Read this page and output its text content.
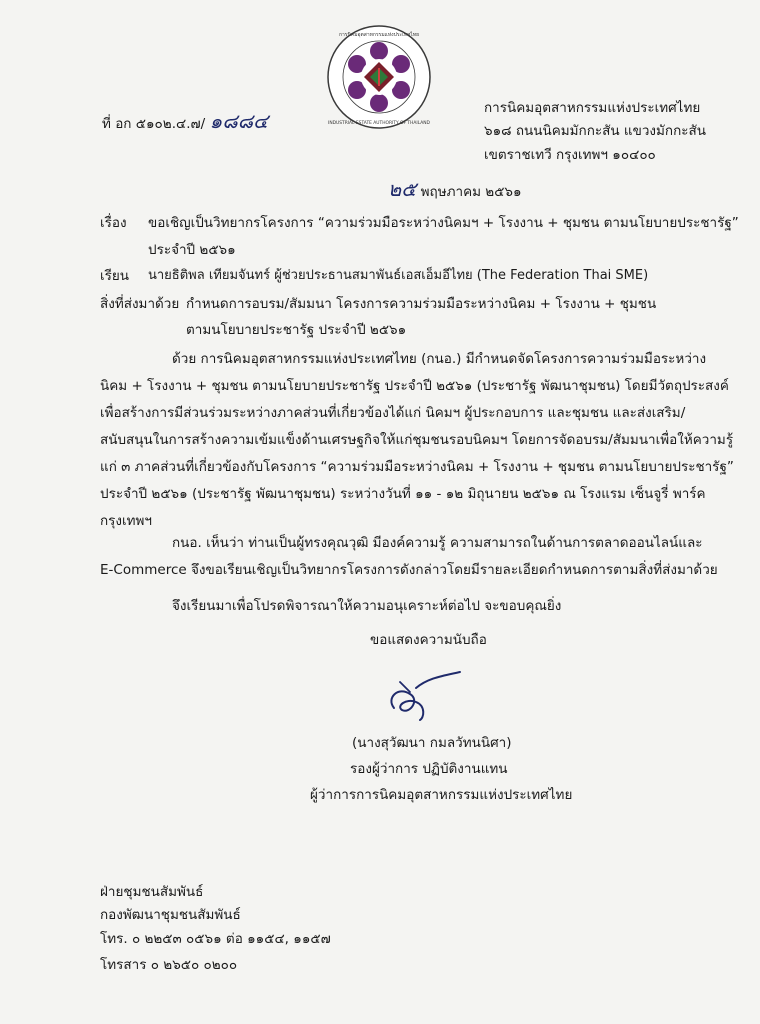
การนิคมอุตสาหกรรมแห่งประเทศไทย
INDUSTRIAL ESTATE AUTHORITY OF THAILAND
ที่ อก ๕๑๐๒.๔.๗/ ๑๘๘๔
การนิคมอุตสาหกรรมแห่งประเทศไทย
๖๑๘ ถนนนิคมมักกะสัน แขวงมักกะสัน
เขตราชเทวี กรุงเทพฯ ๑๐๔๐๐
๒๕ พฤษภาคม ๒๕๖๑
เรื่อง ขอเชิญเป็นวิทยากรโครงการ “ความร่วมมือระหว่างนิคมฯ + โรงงาน + ชุมชน ตามนโยบายประชารัฐ”
ประจำปี ๒๕๖๑
เรียน นายธิติพล เทียมจันทร์ ผู้ช่วยประธานสมาพันธ์เอสเอ็มอีไทย (The Federation Thai SME)
สิ่งที่ส่งมาด้วย กำหนดการอบรม/สัมมนา โครงการความร่วมมือระหว่างนิคม + โรงงาน + ชุมชน
ตามนโยบายประชารัฐ ประจำปี ๒๕๖๑
ด้วย การนิคมอุตสาหกรรมแห่งประเทศไทย (กนอ.) มีกำหนดจัดโครงการความร่วมมือระหว่าง
นิคม + โรงงาน + ชุมชน ตามนโยบายประชารัฐ ประจำปี ๒๕๖๑ (ประชารัฐ พัฒนาชุมชน) โดยมีวัตถุประสงค์
เพื่อสร้างการมีส่วนร่วมระหว่างภาคส่วนที่เกี่ยวข้องได้แก่ นิคมฯ ผู้ประกอบการ และชุมชน และส่งเสริม/
สนับสนุนในการสร้างความเข้มแข็งด้านเศรษฐกิจให้แก่ชุมชนรอบนิคมฯ โดยการจัดอบรม/สัมมนาเพื่อให้ความรู้
แก่ ๓ ภาคส่วนที่เกี่ยวข้องกับโครงการ “ความร่วมมือระหว่างนิคม + โรงงาน + ชุมชน ตามนโยบายประชารัฐ”
ประจำปี ๒๕๖๑ (ประชารัฐ พัฒนาชุมชน) ระหว่างวันที่ ๑๑ - ๑๒ มิถุนายน ๒๕๖๑ ณ โรงแรม เซ็นจูรี่ พาร์ค
กรุงเทพฯ
กนอ. เห็นว่า ท่านเป็นผู้ทรงคุณวุฒิ มีองค์ความรู้ ความสามารถในด้านการตลาดออนไลน์และ
E-Commerce จึงขอเรียนเชิญเป็นวิทยากรโครงการดังกล่าวโดยมีรายละเอียดกำหนดการตามสิ่งที่ส่งมาด้วย
จึงเรียนมาเพื่อโปรดพิจารณาให้ความอนุเคราะห์ต่อไป จะขอบคุณยิ่ง
ขอแสดงความนับถือ
(นางสุวัฒนา กมลวัทนนิศา)
รองผู้ว่าการ ปฏิบัติงานแทน
ผู้ว่าการการนิคมอุตสาหกรรมแห่งประเทศไทย
ฝ่ายชุมชนสัมพันธ์
กองพัฒนาชุมชนสัมพันธ์
โทร. ๐ ๒๒๕๓ ๐๕๖๑ ต่อ ๑๑๕๔, ๑๑๕๗
โทรสาร ๐ ๒๖๕๐ ๐๒๐๐
